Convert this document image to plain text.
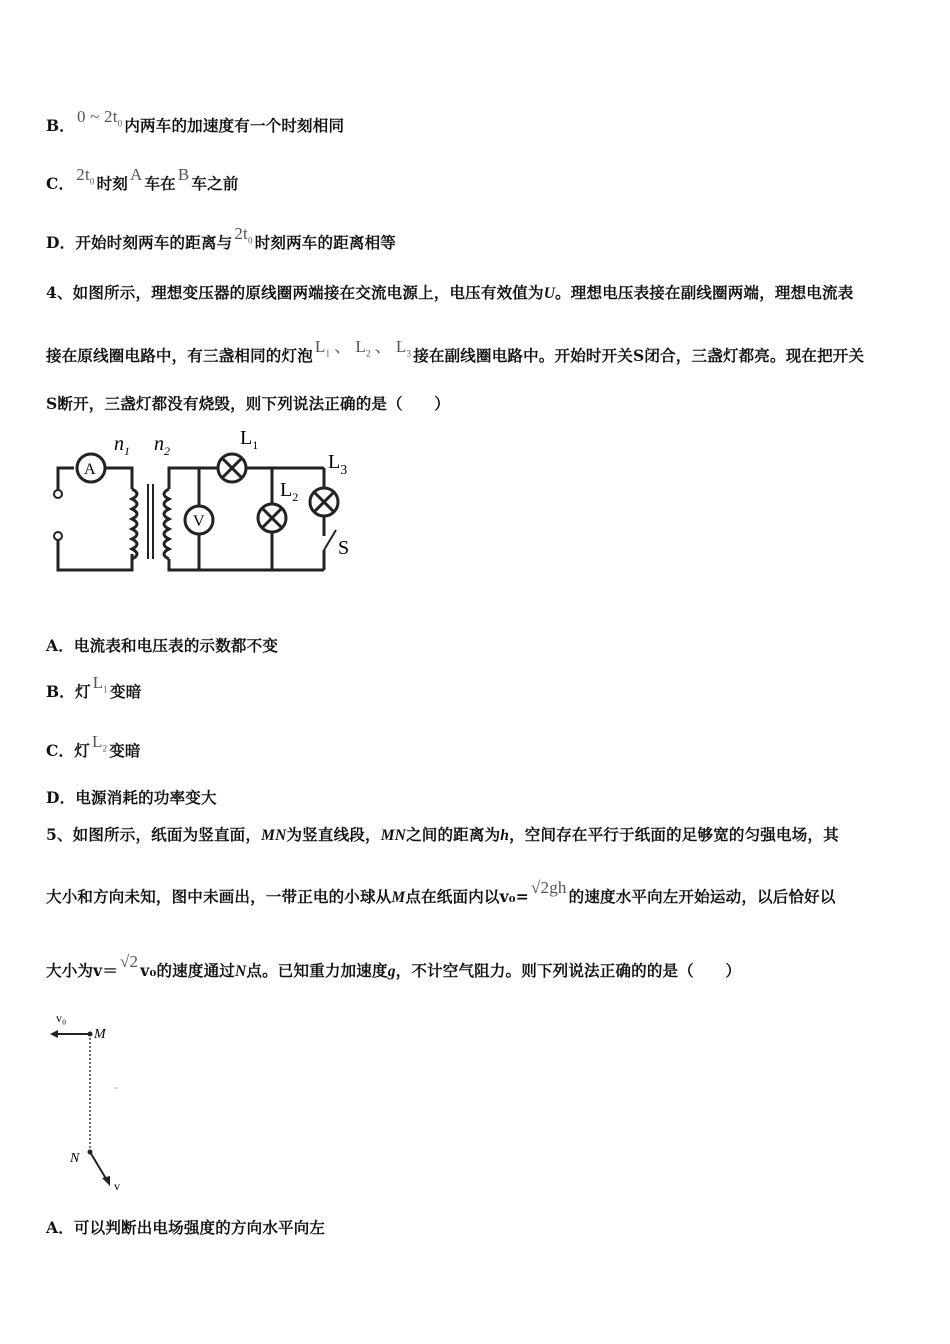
B． 0 ~ $2t_0$ 内两车的加速度有一个时刻相同
C． $2t_0$ 时刻 A 车在 B 车之前
D．开始时刻两车的距离与 $2t_0$ 时刻两车的距离相等
4、如图所示，理想变压器的原线圈两端接在交流电源上，电压有效值为U。理想电压表接在副线圈两端，理想电流表
接在原线圈电路中，有三盏相同的灯泡 $L_1$ 、 $L_2$ 、 $L_3$ 接在副线圈电路中。开始时开关S闭合，三盏灯都亮。现在把开关
S断开，三盏灯都没有烧毁，则下列说法正确的是（　　）
A
V
$n_1$ $n_2$
$L_1$
$L_2$
$L_3$
S
A．电流表和电压表的示数都不变
B．灯 $L_1$ 变暗
C．灯 $L_2$ 变暗
D．电源消耗的功率变大
5、如图所示，纸面为竖直面，MN为竖直线段，MN之间的距离为h，空间存在平行于纸面的足够宽的匀强电场，其
大小和方向未知，图中未画出，一带正电的小球从M点在纸面内以v₀= √2gh 的速度水平向左开始运动，以后恰好以
大小为v＝ √2 v₀的速度通过N点。已知重力加速度g，不计空气阻力。则下列说法正确的的是（　　）
v₀
M
N
v
A．可以判断出电场强度的方向水平向左
